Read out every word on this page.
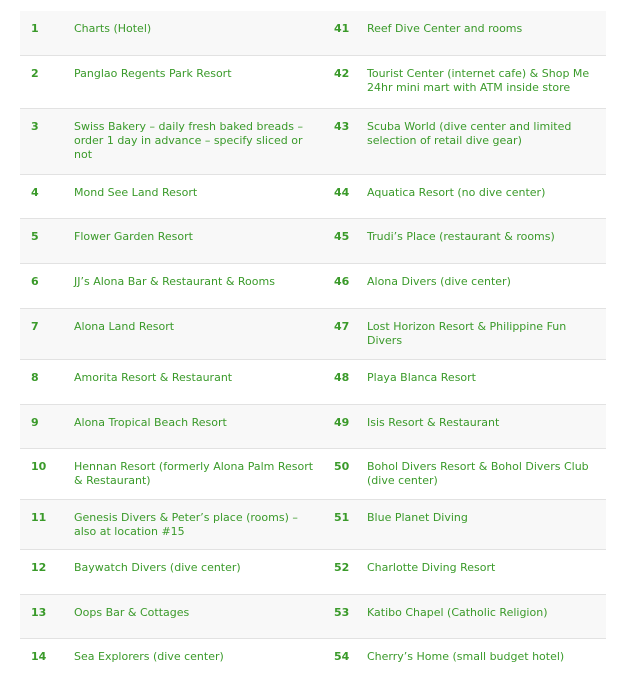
1	Charts (Hotel)	41	Reef Dive Center and rooms
2	Panglao Regents Park Resort	42	Tourist Center (internet cafe) & Shop Me 24hr mini mart with ATM inside store
3	Swiss Bakery – daily fresh baked breads – order 1 day in advance – specify sliced or not	43	Scuba World (dive center and limited selection of retail dive gear)
4	Mond See Land Resort	44	Aquatica Resort (no dive center)
5	Flower Garden Resort	45	Trudi’s Place (restaurant & rooms)
6	JJ’s Alona Bar & Restaurant & Rooms	46	Alona Divers (dive center)
7	Alona Land Resort	47	Lost Horizon Resort & Philippine Fun Divers
8	Amorita Resort & Restaurant	48	Playa Blanca Resort
9	Alona Tropical Beach Resort	49	Isis Resort & Restaurant
10	Hennan Resort (formerly Alona Palm Resort & Restaurant)	50	Bohol Divers Resort & Bohol Divers Club (dive center)
11	Genesis Divers & Peter’s place (rooms) – also at location #15	51	Blue Planet Diving
12	Baywatch Divers (dive center)	52	Charlotte Diving Resort
13	Oops Bar & Cottages	53	Katibo Chapel (Catholic Religion)
14	Sea Explorers (dive center)	54	Cherry’s Home (small budget hotel)
